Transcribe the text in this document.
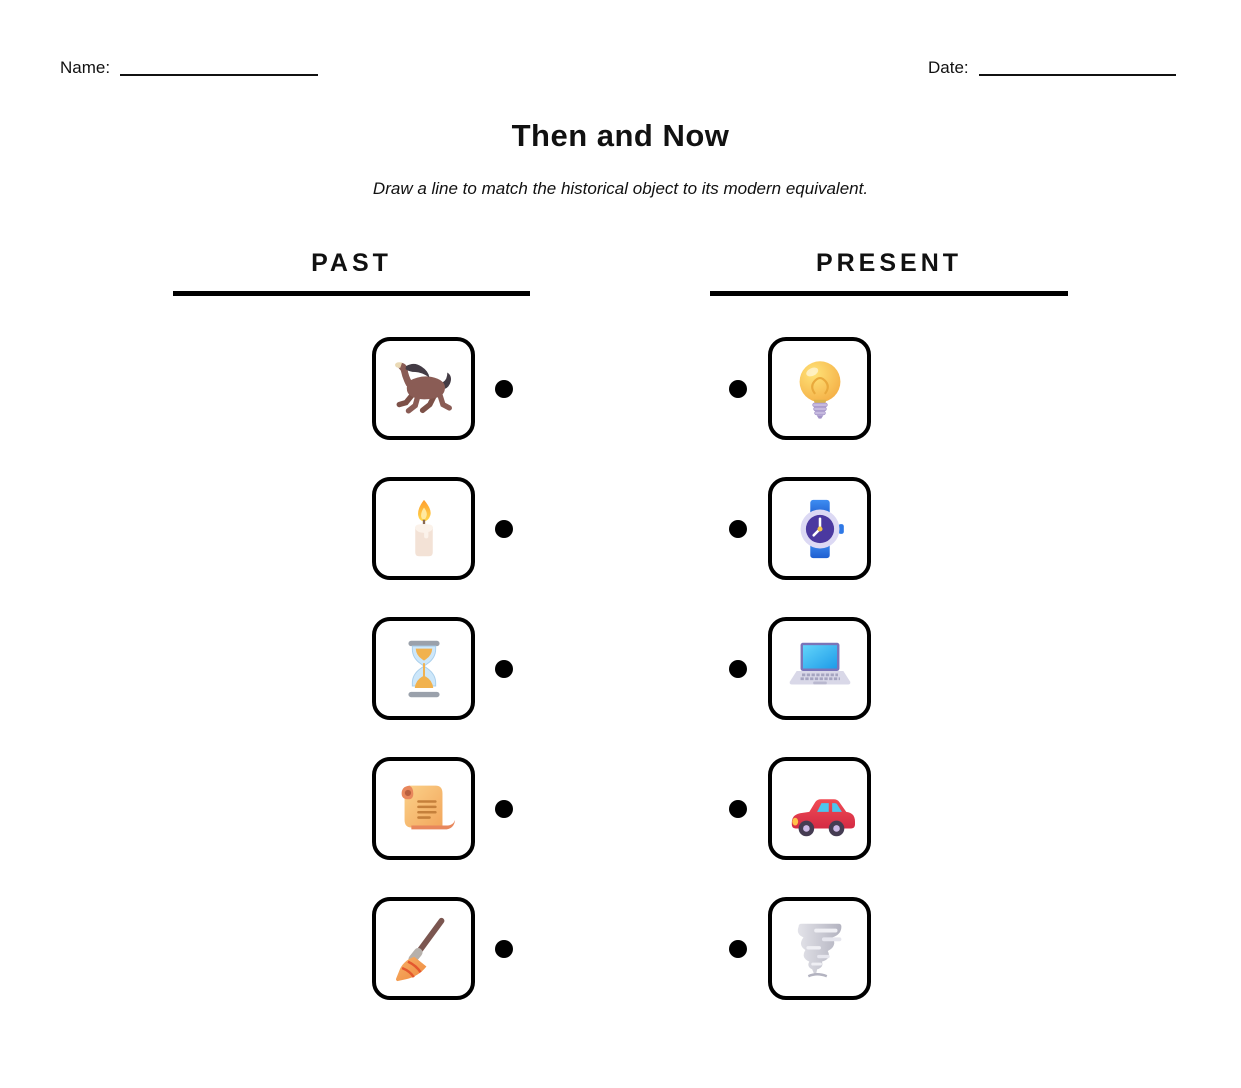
Name:	Date:
Then and Now
Draw a line to match the historical object to its modern equivalent.
PAST	PRESENT
